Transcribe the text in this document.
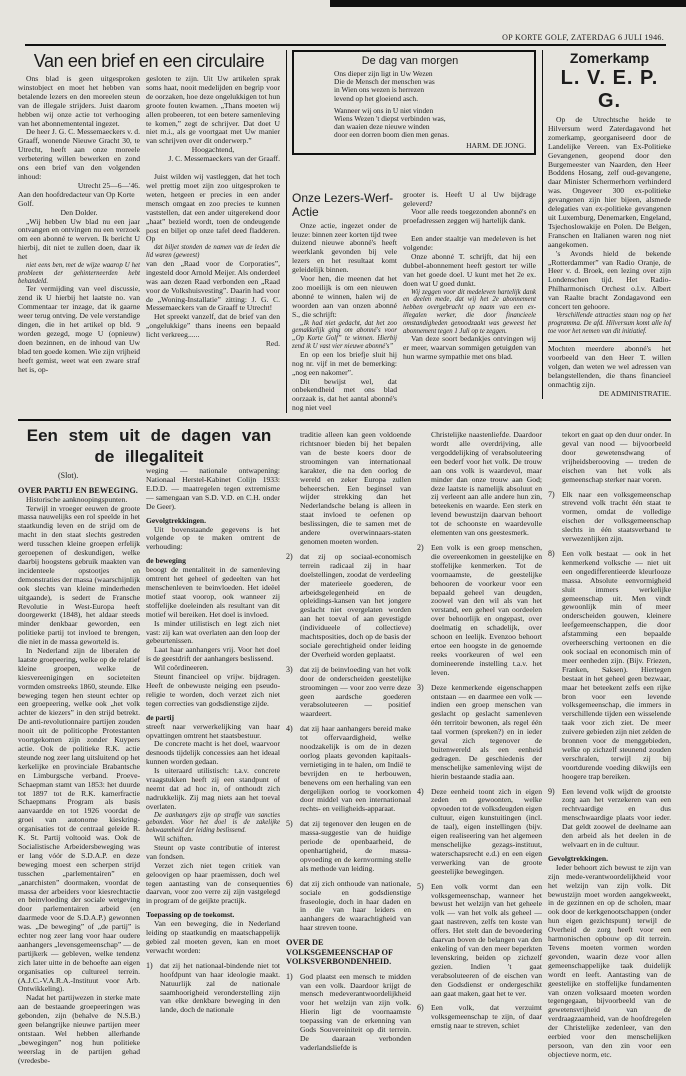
OP KORTE GOLF, ZATERDAG 6 JULI 1946.
Van een brief en een circulaire

Ons blad is geen uitgesproken winstobject en moet het hebben van betalende lezers en den moreelen steun van de illegale strijders. Juist daarom hebben wij onze actie tot verhooging van het abonnementental ingezet.

De heer J. G. C. Messemaeckers v. d. Graaff, wonende Nieuwe Gracht 30, te Utrecht, heeft aan onze moreele verbetering willen bewerken en zond ons een brief van den volgenden inhoud:

Utrecht 25—6—'46.

Aan den hoofdredacteur van Op Korte Golf.

Den Dolder.

„Wij hebben Uw blad nu een jaar ontvangen en ontvingen nu een verzoek om een abonné te werven. Ik bericht U hierbij, dit niet te zullen doen, daar ik het

niet eens ben, met de wijze waarop U het probleem der gehinterneerden hebt behandeld.

Ter vermijding van veel discussie, zend ik U hierbij het laatste no. van Commentaar ter inzage, dat ik gaarne weer terug ontving. De vele verstandige dingen, die in het artikel op bld. 9 worden gezegd, moge U (opnieuw) doen bezinnen, en de inhoud van Uw blad ten goede komen. Wie zijn vrijheid heeft gemist, weet wat een zware straf het is, op-

gesloten te zijn. Uit Uw artikelen sprak soms haat, nooit medelijden en begrip voor de oorzaken, hoe deze ongelukkigen tot hun groote fouten kwamen. „Thans moeten wij allen probeeren, tot een betere samenleving te komen,” zegt de schrijver. Dat doet U niet m.i., als ge voortgaat met Uw manier van schrijven over dit onderwerp.”

Hoogachtend,

J. C. Messemaeckers van der Graaff.

Juist wilden wij vastleggen, dat het toch wel prettig moet zijn zoo uitgesproken te weten, hetgeen er precies in een ander mensch omgaat en zoo precies te kunnen vaststellen, dat een ander uitgerekend door „haat” bezield wordt, toen de ondeugende post en biljet op onze tafel deed fladderen. Op

dat biljet stonden de namen van de leden die lid waren (geweest)

van den „Raad voor de Corporaties”, ingesteld door Arnold Meijer. Als onderdeel was aan dezen Raad verbonden een „Raad voor de Volkshuisvesting”. Daarin had voor de „Woning-Installatie” zitting: J. G. C. Messemaeckers van de Graaff te Utrecht!

Het spreekt vanzelf, dat de brief van den „ongelukkige” thans ineens een bepaald licht verkreeg......

Red.

De dag van morgen
Ons dieper zijn ligt in Uw Wezen
Die de Mensch der menschen was
in Wien ons wezen is herrezen
levend op het gloeiend asch.
Wanneer wij ons in U niet vinden
Wiens Wezen 't diepst verbinden was,
dan waaien deze nieuwe winden
door een dorren boom dien men genas.
HARM. DE JONG.
Onze Lezers-Werf-Actie

Onze actie, ingezet onder de leuze: binnen zeer korten tijd twee duizend nieuwe abonné's heeft weerklank gevonden bij vele lezers en het resultaat komt geleidelijk binnen.

Voor hen, die meenen dat het zoo moeilijk is om een nieuwen abonné te winnen, halen wij de woorden aan van onzen abonné S., die schrijft:

„Ik had niet gedacht, dat het zoo gemakkelijk ging om abonné's voor „Op Korte Golf” te winnen. Hierbij zend ik U vast vier nieuwe abonné's”

En op een los briefje sluit hij nog nr. vijf in met de bemerking: „nog een nakomer”.

Dit bewijst wel, dat onbekendheid met ons blad oorzaak is, dat het aantal abonné's nog niet veel

grooter is. Heeft U al Uw bijdrage geleverd?

Voor alle reeds toegezonden abonné's en proefadressen zeggen wij hartelijk dank.

Een ander staaltje van medeleven is het volgende:

Onze abonné T. schrijft, dat hij een dubbel-abonnement heeft gestort ter wille van het goede doel. U kunt met het 2e ex. doen wat U goed dunkt.

Wij zeggen voor dit medeleven hartelijk dank en deelen mede, dat wij het 2e abonnement hebben overgebracht op naam van een ex-illegalen werker, die door financieele omstandigheden genoodzaakt was geweest het abonnement tegen 1 Juli op te zeggen.

Van deze soort bedankjes ontvingen wij er meer, waarvan sommigen getuigden van hun warme sympathie met ons blad.

Zomerkamp
L. V. E. P. G.

Op de Utrechtsche heide te Hilversum werd Zaterdagavond het zomerkamp, georganiseerd door de Landelijke Vereen. van Ex-Politieke Gevangenen, geopend door den Burgemeester van Naarden, den Heer Boddens Hosang, zelf oud-gevangene, daar Minister Schermerhorn verhinderd was. Ongeveer 300 ex-politieke gevangenen zijn hier bijeen, alsmede delegaties van ex-politieke gevangenen uit Luxemburg, Denemarken, Engeland, Tsjechoslowakije en Polen. De Belgen, Franschen en Italianen waren nog niet aangekomen.

's Avonds hield de bekende „Rotterdammer” van Radio Oranje, de Heer v. d. Broek, een lezing over zijn Londenschen tijd. Het Radio-Philharmonisch Orchest o.l.v. Albert van Raalte bracht Zondagavond een concert ten gehoore.

Verschillende attracties staan nog op het programma. De afd. Hilversum komt alle lof toe voor het nemen van dit initiatief.

Mochten meerdere abonné's het voorbeeld van den Heer T. willen volgen, dan weten we wel adressen van belangstellenden, die thans financieel onmachtig zijn.

DE ADMINISTRATIE.

Een stem uit de dagen van de illegaliteit
(Slot).

OVER PARTIJ EN BEWEGING.

Historische aanknoopingspunten.

Terwijl in vroeger eeuwen de groote massa nauwelijks een rol speelde in het staatkundig leven en de strijd om de macht in den staat slechts gestreden werd tusschen kleine groepen erfelijk geroepenen of deskundigen, welke daarbij hoogstens gebruik maakten van incidenteele opstootjes en demonstraties der massa (waarschijnlijk ook slechts van kleine minderheden uitgaande), is sedert de Fransche Revolutie in West-Europa heeft doorgewerkt (1848), het aldaar steeds minder denkbaar geworden, een politieke partij tot invloed te brengen, die niet in de massa geworteld is.

In Nederland zijn de liberalen de laatste groepeering, welke op de relatief kleine groepen, welke de kiesvereenigingen en societeiten vormden omstreeks 1860, steunde. Elke beweging tegen hen steunt echter op een groepeering, welke ook „het volk achter de kiezers” in den strijd betrekt. De anti-revolutionnaire partijen zouden nooit uit de politicophe Protestanten voortgekomen zijn zonder Kuypers actie. Ook de politieke R.K. actie steunde nog zeer lang uitsluitend op het kerkelijke en provinciale Brabantsche en Limburgsche verband. Proeve-Schaepman stamt van 1853: het duurde tot 1897 tot de R.K. kamerfractie Schaepmans Program als basis aanvaardde en tot 1926 voordat de groei van autonome kieskring-organisaties tot de centraal geleide R. K. St. Partij voltooid was. Ook de Socialistische Arbeidersbeweging was er lang vóór de S.D.A.P. en deze beweging moest een scherpen strijd tusschen „parlementairen” en „anarchisten” doormaken, voordat de massa der arbeiders voor kiesrechtactie en beinvloeding der sociale wetgeving door parlementairen arbeid (en daarmede voor de S.D.A.P.) gewonnen was. „De beweging” of „de partij” is echter nog zeer lang voor haar oudere aanhangers „levensgemeenschap” — de partijkerk — gebleven, welke tendenz zich later uitte in de behoefte aan eigen organisaties op cultureel terrein. (A.J.C.-V.A.R.A.-Instituut voor Arb. Ontwikkeling).

Nadat het partijwezen in sterke mate aan de bestaande groepeeringen was gebonden, zijn (behalve de N.S.B.) geen belangrijke nieuwe partijen meer ontstaan. Wel hebben allerhande „bewegingen” nog hun politieke weerslag in de partijen gehad (vredesbe-

weging — nationale ontwapening: Nationaal Herstel-Kabinet Colijn 1933: E.D.D. — maatregelen tegen extremisme — samengaan van S.D. V.D. en C.H. onder De Geer).

Gevolgtrekkingen.

Uit bovenstaande gegevens is het volgende op te maken omtrent de verhouding:

de beweging

beoogt de mentaliteit in de samenleving omtrent het geheel of gedeelten van het menschenleven te beinvloeden. Het ideëel motief staat voorop, ook wanneer zij stoffelijke doeleinden als resultant van dit motief wil bereiken. Het doel is invloed.

Is minder utilistisch en legt zich niet vast: zij kan wat overlaten aan den loop der gebeurtenissen.

Laat haar aanhangers vrij. Voor het doel is de geestdrift der aanhangers beslissend.

Wil coördineeren.

Steunt financieel op vrijw. bijdragen. Heeft de onbewuste neiging een pseudo-religie te worden, doch verzet zich niet tegen correcties van godsdienstige zijde.

de partij

streeft naar verwerkelijking van haar opvattingen omtrent het staatsbestuur.

De concrete macht is het doel, waarvoor desnoods tijdelijk concessies aan het ideaal kunnen worden gedaan.

Is uiteraard utilistisch: t.a.v. concrete vraagstukken heeft zij een standpunt of neemt dat ad hoc in, of onthoudt zich nadrukkelijk. Zij mag niets aan het toeval overlaten.

De aanhangers zijn op straffe van sancties gebonden. Voor het doel is de zakelijke bekwaamheid der leiding beslissend.

Wil schiften.

Steunt op vaste contributie of interest van fondsen.

Verzet zich niet tegen critiek van geloovigen op haar praemissen, doch wel tegen aantasting van de consequenties daarvan, voor zoo verre zij zijn vastgelegd in program of de geijkte practijk.

Toepassing op de toekomst.

Van een beweging, die in Nederland leiding op staatkundig en maatschappelijk gebied zal moeten geven, kan en moet verwacht worden:

1) dat zij het nationaal-bindende niet tot hoofdpunt van haar ideologie maakt. Natuurlijk zal de nationale saamhoorigheid veronderstelling zijn van elke denkbare beweging in den lande, doch de nationale
traditie alleen kan geen voldoende richtsnoer bieden bij het bepalen van de beste koers door de stroomingen van internationaal karakter, die na den oorlog de wereld en zeker Europa zullen beheerschen. Een beginsel van wijder strekking dan het Nederlandsche belang is alleen in staat invloed te oefenen op beslissingen, die te samen met de andere overwinnaars-staten genomen moeten worden.
2) dat zij op sociaal-economisch terrein radicaal zij in haar doelstellingen, zoodat de verdeeling der materieele goederen, de arbeidsgelegenheid en de opleidings-kansen van het jongere geslacht niet overgelaten worden aan het toeval of aan gevestigde (individueele of collectieve) machtsposities, doch op de basis der sociale gerechtigheid onder leiding der Overheid worden geplaatst.
3) dat zij de beinvloeding van het volk door de onderscheiden geestelijke stroomingen — voor zoo verre deze geen aardsche goederen verabsoluteeren — positief waardeert.
4) dat zij haar aanhangers bereid make tot offervaardigheid, welke noodzakelijk is om de in dezen oorlog plaats gevonden kapitaals-vernietiging in te halen, om Indië te bevrijden en te herbouwen, benevens om een herhaling van een dergelijken oorlog te voorkomen door middel van een internationaal rechts- en veiligheids-apparaat.
5) dat zij tegenover den leugen en de massa-suggestie van de huidige periode de openbaarheid, de openhartigheid, de massa-opvoeding en de kernvorming stelle als methode van leiding.
6) dat zij zich onthoude van nationale, sociale en godsdienstige fraseologie, doch in haar daden en in die van haar leiders en aanhangers de waarachtigheid van haar streven toone.

OVER DE VOLKSGEMEENSCHAP OF VOLKSVERBONDENHEID.

1) God plaatst een mensch te midden van een volk. Daardoor krijgt de mensch medeverantwoordelijkheid voor het welzijn van zijn volk. Hierin ligt de voornaamste toepassing van de erkenning van Gods Souvereiniteit op dit terrein. De daaraan verbonden vaderlandsliefde is
Christelijke naastenliefde. Daardoor wordt alle overdrijving, alle vergoddelijking of verabsoluteering een bederf voor het volk. De trouw aan ons volk is waardevol, maar minder dan onze trouw aan God; deze laatste is namelijk absoluut en zij verleent aan alle andere hun zin, beteekenis en waarde. Een sterk en levend bewustzijn daarvan behoort tot de schoonste en waardevolle elementen van ons geestesmerk.
2) Een volk is een groep menschen, die overeenkomen in geestelijke en stoffelijke kenmerken. Tot de voornaamste, de geestelijke behooren de voorkeur voor een bepaald geheel van deugden, zoowel van den wil als van het verstand, een geheel van oordeelen over behoorlijk en ongepast, over doelmatig en schadelijk, over schoon en leelijk. Evenzoo behoort ertoe een hoogste in de genoemde reeks voorkeuren of wel een domineerende instelling t.a.v. het leven.
3) Deze kenmerkende eigenschappen ontstaan — en daarmee een volk — indien een groep menschen van geslacht op geslacht samenleven één territoir bewonen, als regel één taal vormen (spreken?) en in ieder geval zich tegenover de buitenwereld als een eenheid gedragen. De geschiedenis der menschelijke samenleving wijst de hierin bestaande stadia aan.
4) Deze eenheid toont zich in eigen zeden en gewoonten, welke opvoeden tot de volksdeugden eigen cultuur, eigen kunstuitingen (incl. de taal), eigen instellingen (bijv. eigen realiseering van het algemeen menschelijke gezags-instituut, waterschapsrecht e.d.) en een eigen verwerking van de groote geestelijke bewegingen.
5) Een volk vormt dan een volksgemeenschap, wanneer het bewust het welzijn van het geheele volk — van het volk als geheel — gaat nastreven, zelfs ten koste van offers. Het stelt dan de bevoedering daarvan boven de belangen van den enkeling of van den meer beperkten levenskring, beiden op zichzelf gezien. Indien 't gaat verabsoluteeren of de eischen van den Godsdienst er ondergeschikt aan gaat maken, gaat het te ver.
6) Een volk, dat verzuimt volksgemeenschap te zijn, of daar ernstig naar te streven, schiet
tekort en gaat op den duur onder. In geval van nood — bijvoorbeeld door gewetensdwang of vrijheidsberooving — treden de eischen van het volk als gemeenschap sterker naar voren.
7) Elk naar een volksgemeenschap strevend volk tracht één staat te vormen, omdat de volledige eischen der volksgemeenschap slechts in één staatsverband te verwezenlijken zijn.
8) Een volk bestaat — ook in het kenmerkend volksche — niet uit een ongedifferentieerde kleurlooze massa. Absolute eenvormigheid sluit immers werkelijke gemeenschap uit. Men vindt gewoonlijk min of meer onderscheiden gouwen, kleinere leefgemeenschappen, die door afstamming een bepaalde overheersching vertoonen en die ook sociaal en economisch min of meer eenheden zijn. (Bijv. Friezen, Franken, Saksen). Hiertegen bestaat in het geheel geen bezwaar, maar het beteekent zelfs een rijke bron voor een levende volksgemeenschap, die immers in verschillende tijden een wisselende taak voor zich ziet. De meer zuivere gebieden zijn niet zelden de bronnen voor de menggebieden, welke op zichzelf steunend zouden verschralen, terwijl zij bij voortdurende voeding dikwijls een hoogere trap bereiken.
9) Een levend volk wijdt de grootste zorg aan het verzekeren van een rechtvaardige en dus menschwaardige plaats voor ieder. Dat geldt zoowel de deelname aan den arbeid als het deelen in de welvaart en in de cultuur.

Gevolgtrekkingen.

Ieder behoort zich bewust te zijn van zijn mede-verantwoordelijkheid voor het welzijn van zijn volk. Dit bewustzijn moet worden aangekweekt, in de gezinnen en op de scholen, maar ook door de kerkgenootschappen (onder hun eigen gezichtspunt) terwijl de Overheid de zorg heeft voor een harmonischen opbouw op dit terrein. Tevens moeten vormen worden gevonden, waarin deze voor allen gemeenschappelijke taak duidelijk wordt en leeft. Aantasting van de geestelijke en stoffelijke fundamenten van onzen volksaard moeten worden tegengegaan, bijvoorbeeld van de gewetensvrijheid van de verdraagzaamheid, van de hoofdregelen der Christelijke zedenleer, van den eerbied voor den menschelijken persoon, van den zin voor een objectieve norm, etc.
